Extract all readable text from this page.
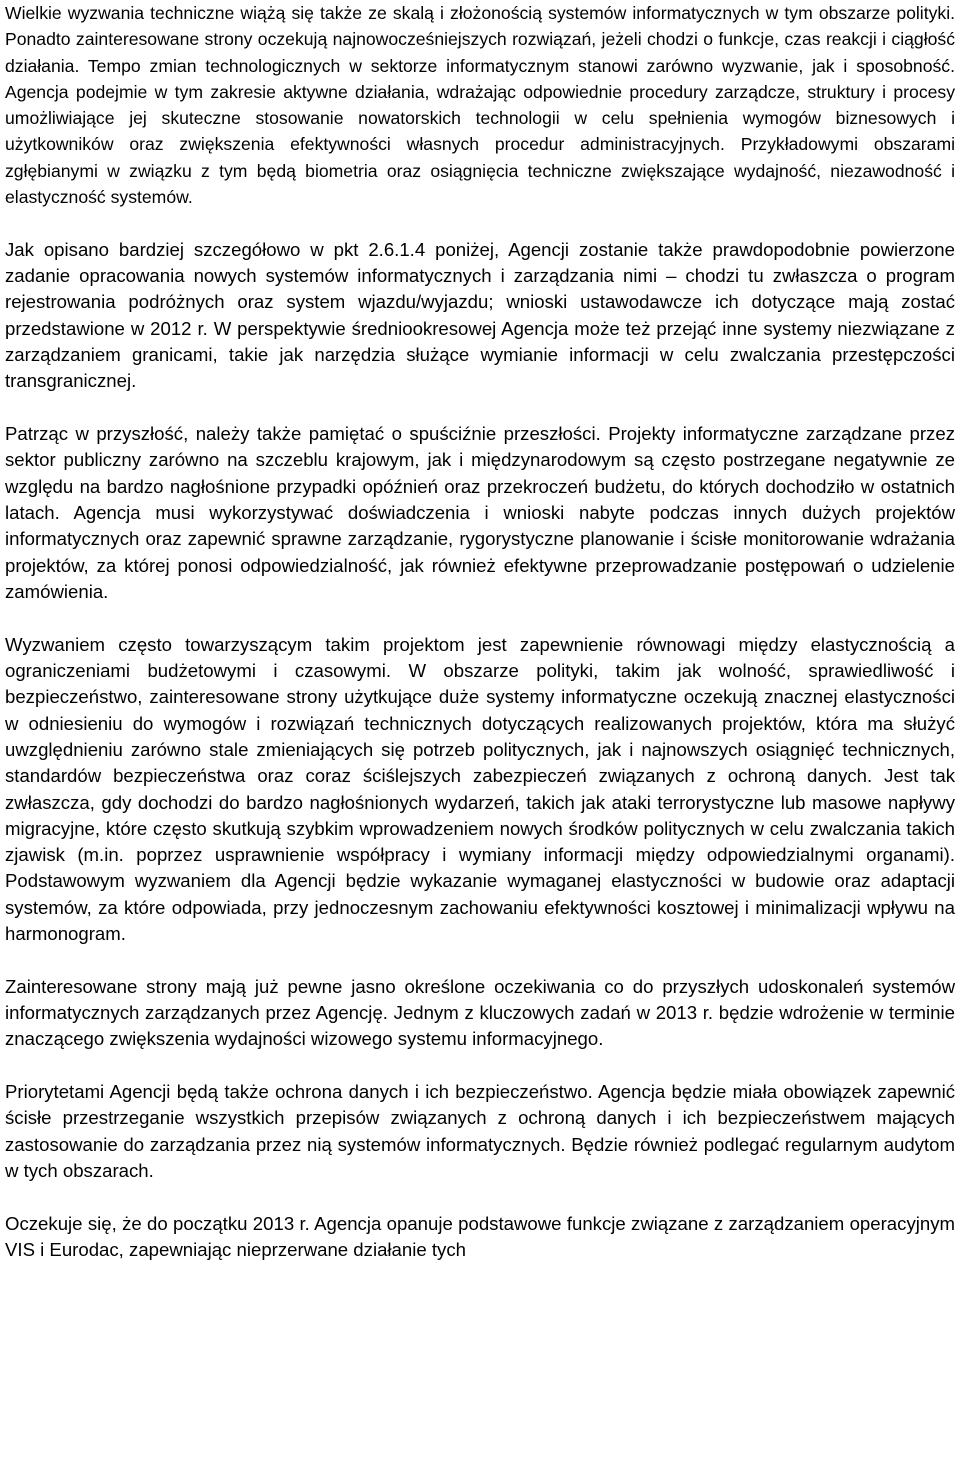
Wielkie wyzwania techniczne wiążą się także ze skalą i złożonością systemów informatycznych w tym obszarze polityki. Ponadto zainteresowane strony oczekują najnowocześniejszych rozwiązań, jeżeli chodzi o funkcje, czas reakcji i ciągłość działania. Tempo zmian technologicznych w sektorze informatycznym stanowi zarówno wyzwanie, jak i sposobność. Agencja podejmie w tym zakresie aktywne działania, wdrażając odpowiednie procedury zarządcze, struktury i procesy umożliwiające jej skuteczne stosowanie nowatorskich technologii w celu spełnienia wymogów biznesowych i użytkowników oraz zwiększenia efektywności własnych procedur administracyjnych. Przykładowymi obszarami zgłębianymi w związku z tym będą biometria oraz osiągnięcia techniczne zwiększające wydajność, niezawodność i elastyczność systemów.

Jak opisano bardziej szczegółowo w pkt 2.6.1.4 poniżej, Agencji zostanie także prawdopodobnie powierzone zadanie opracowania nowych systemów informatycznych i zarządzania nimi – chodzi tu zwłaszcza o program rejestrowania podróżnych oraz system wjazdu/wyjazdu; wnioski ustawodawcze ich dotyczące mają zostać przedstawione w 2012 r. W perspektywie średniookresowej Agencja może też przejąć inne systemy niezwiązane z zarządzaniem granicami, takie jak narzędzia służące wymianie informacji w celu zwalczania przestępczości transgranicznej.

Patrząc w przyszłość, należy także pamiętać o spuściźnie przeszłości. Projekty informatyczne zarządzane przez sektor publiczny zarówno na szczeblu krajowym, jak i międzynarodowym są często postrzegane negatywnie ze względu na bardzo nagłośnione przypadki opóźnień oraz przekroczeń budżetu, do których dochodziło w ostatnich latach. Agencja musi wykorzystywać doświadczenia i wnioski nabyte podczas innych dużych projektów informatycznych oraz zapewnić sprawne zarządzanie, rygorystyczne planowanie i ścisłe monitorowanie wdrażania projektów, za której ponosi odpowiedzialność, jak również efektywne przeprowadzanie postępowań o udzielenie zamówienia.

Wyzwaniem często towarzyszącym takim projektom jest zapewnienie równowagi między elastycznością a ograniczeniami budżetowymi i czasowymi. W obszarze polityki, takim jak wolność, sprawiedliwość i bezpieczeństwo, zainteresowane strony użytkujące duże systemy informatyczne oczekują znacznej elastyczności w odniesieniu do wymogów i rozwiązań technicznych dotyczących realizowanych projektów, która ma służyć uwzględnieniu zarówno stale zmieniających się potrzeb politycznych, jak i najnowszych osiągnięć technicznych, standardów bezpieczeństwa oraz coraz ściślejszych zabezpieczeń związanych z ochroną danych. Jest tak zwłaszcza, gdy dochodzi do bardzo nagłośnionych wydarzeń, takich jak ataki terrorystyczne lub masowe napływy migracyjne, które często skutkują szybkim wprowadzeniem nowych środków politycznych w celu zwalczania takich zjawisk (m.in. poprzez usprawnienie współpracy i wymiany informacji między odpowiedzialnymi organami). Podstawowym wyzwaniem dla Agencji będzie wykazanie wymaganej elastyczności w budowie oraz adaptacji systemów, za które odpowiada, przy jednoczesnym zachowaniu efektywności kosztowej i minimalizacji wpływu na harmonogram.

Zainteresowane strony mają już pewne jasno określone oczekiwania co do przyszłych udoskonaleń systemów informatycznych zarządzanych przez Agencję. Jednym z kluczowych zadań w 2013 r. będzie wdrożenie w terminie znaczącego zwiększenia wydajności wizowego systemu informacyjnego.

Priorytetami Agencji będą także ochrona danych i ich bezpieczeństwo. Agencja będzie miała obowiązek zapewnić ścisłe przestrzeganie wszystkich przepisów związanych z ochroną danych i ich bezpieczeństwem mających zastosowanie do zarządzania przez nią systemów informatycznych. Będzie również podlegać regularnym audytom w tych obszarach.

Oczekuje się, że do początku 2013 r. Agencja opanuje podstawowe funkcje związane z zarządzaniem operacyjnym VIS i Eurodac, zapewniając nieprzerwane działanie tych
